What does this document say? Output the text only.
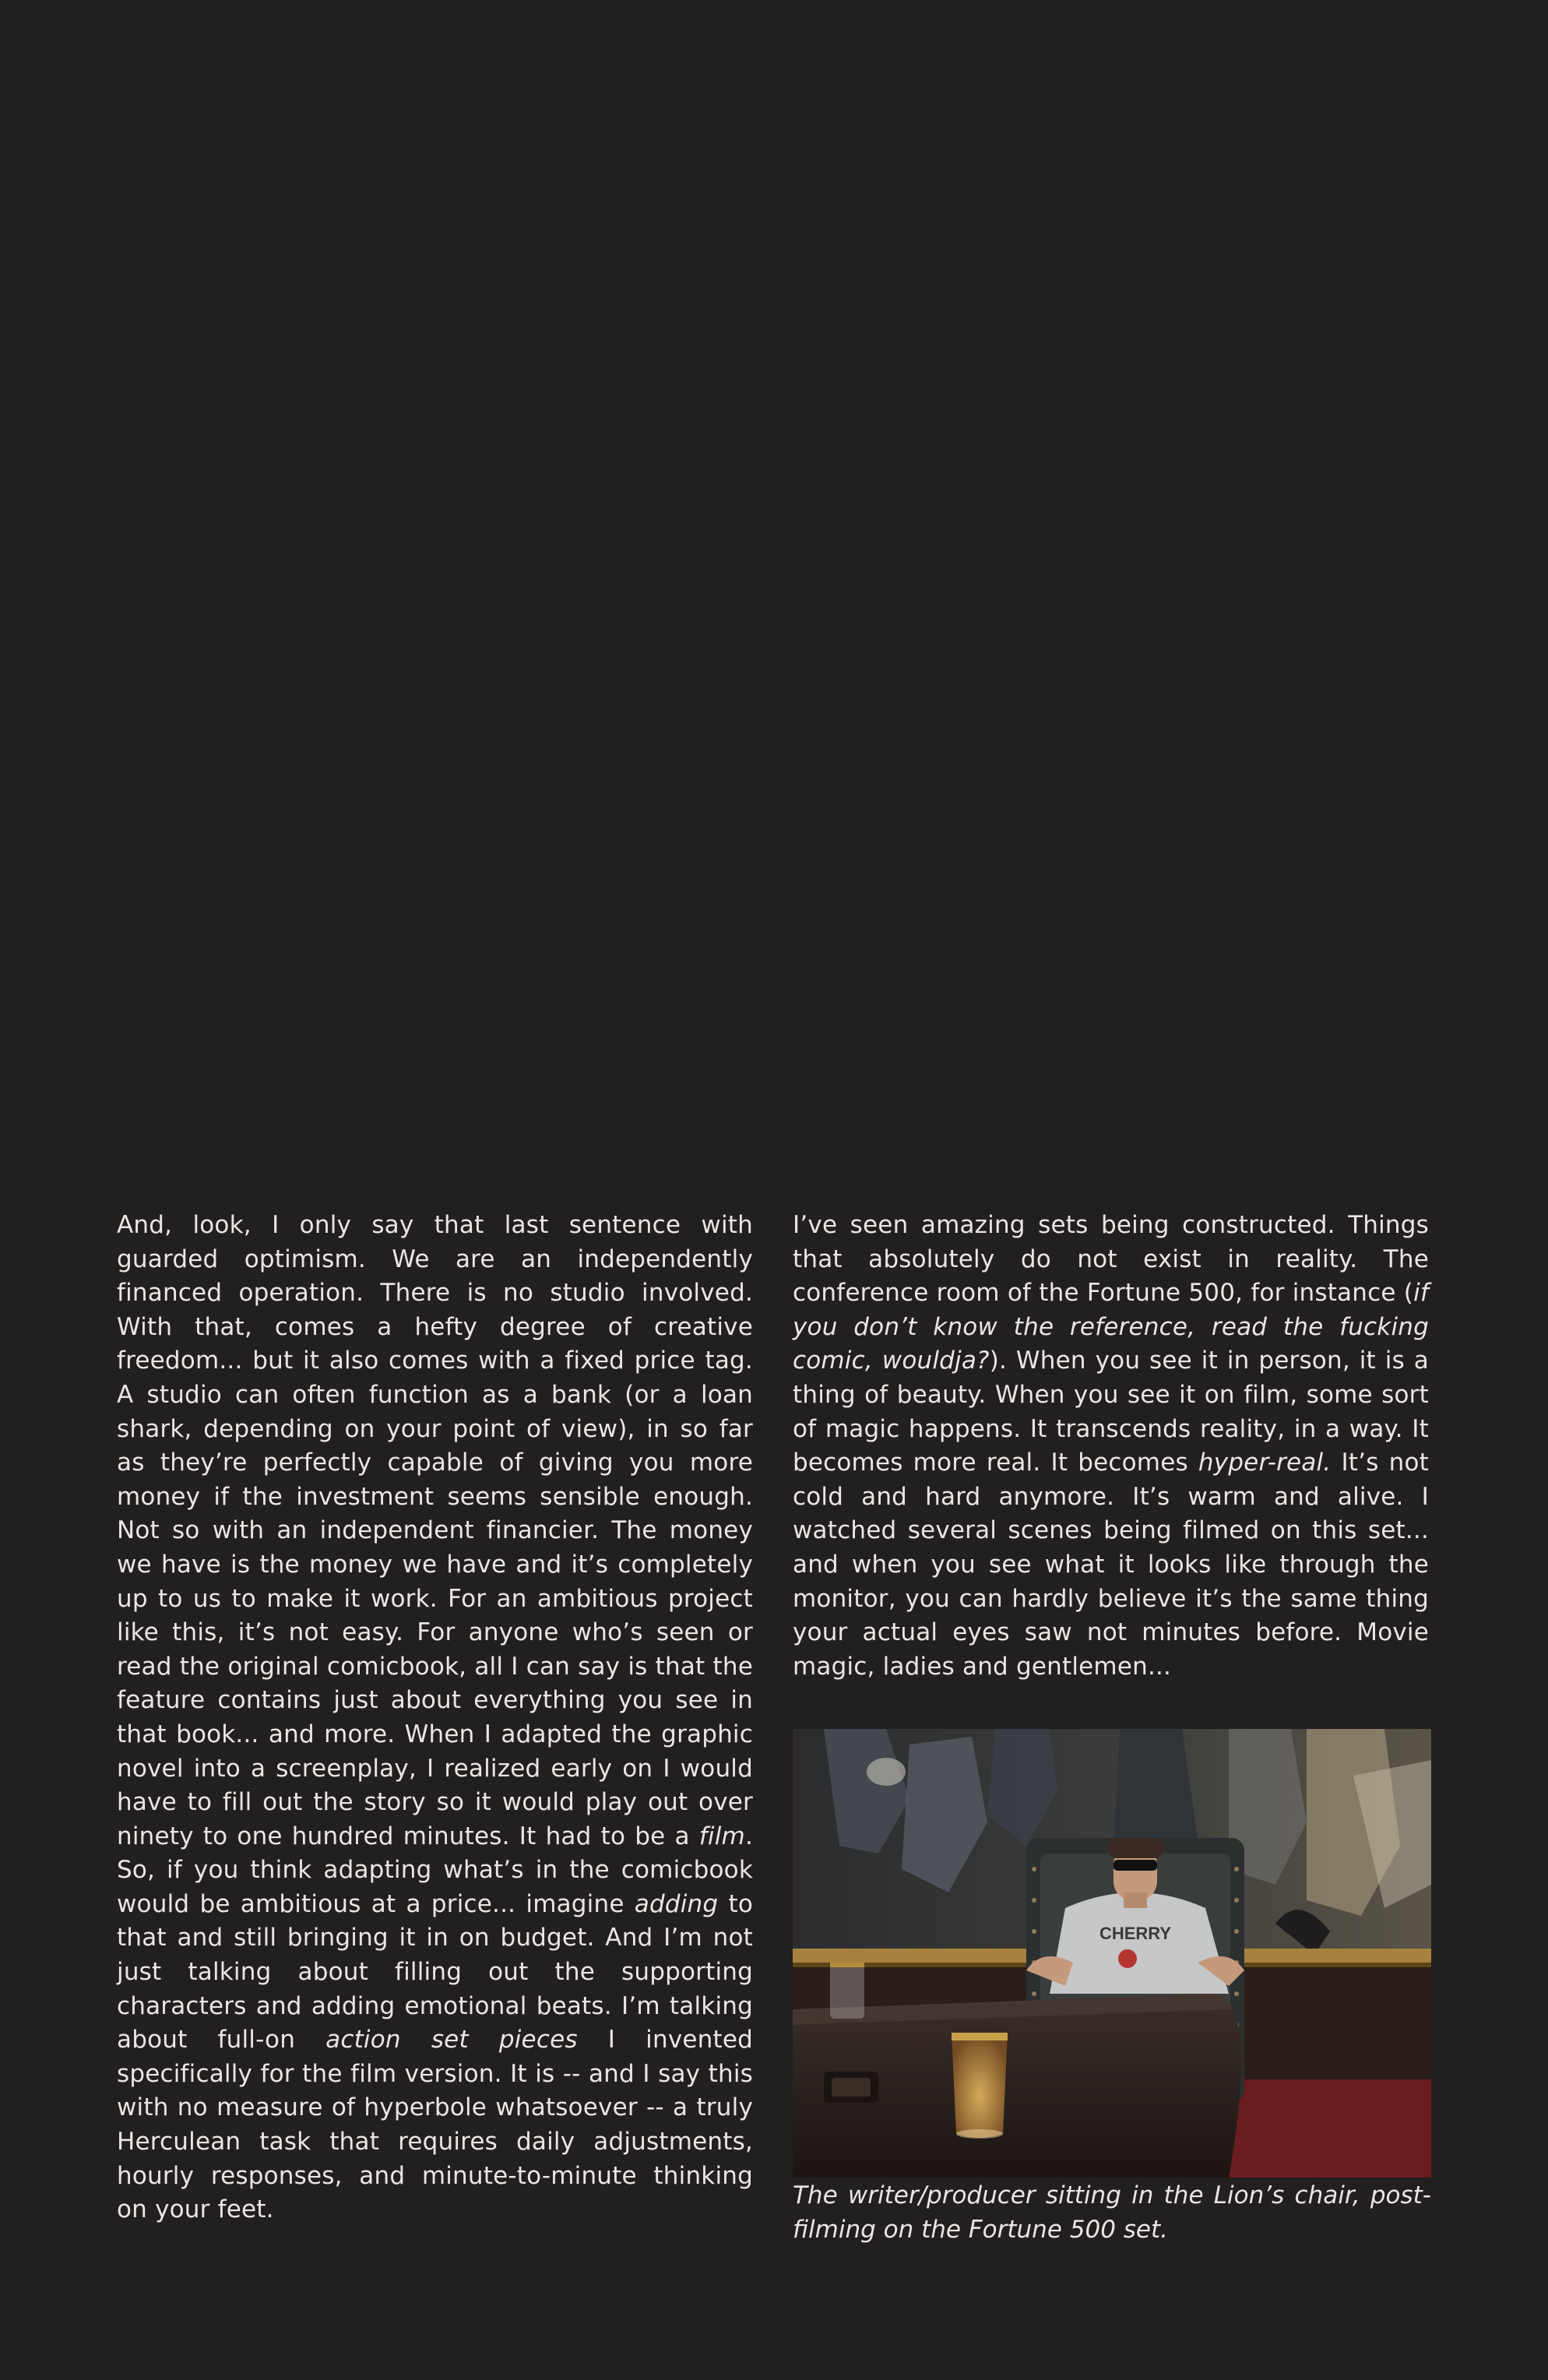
And, look, I only say that last sentence with guarded optimism. We are an independently financed operation. There is no studio involved. With that, comes a hefty degree of creative freedom... but it also comes with a fixed price tag. A studio can often function as a bank (or a loan shark, depending on your point of view), in so far as they’re perfectly capable of giving you more money if the investment seems sensible enough. Not so with an independent financier. The money we have is the money we have and it’s completely up to us to make it work. For an ambitious project like this, it’s not easy. For anyone who’s seen or read the original comicbook, all I can say is that the feature contains just about everything you see in that book... and more. When I adapted the graphic novel into a screenplay, I realized early on I would have to fill out the story so it would play out over ninety to one hundred minutes. It had to be a film. So, if you think adapting what’s in the comicbook would be ambitious at a price... imagine adding to that and still bringing it in on budget. And I’m not just talking about filling out the supporting characters and adding emotional beats. I’m talking about full-on action set pieces I invented specifically for the film version. It is -- and I say this with no measure of hyperbole whatsoever -- a truly Herculean task that requires daily adjustments, hourly responses, and minute-to-minute thinking on your feet.

I’ve seen amazing sets being constructed. Things that absolutely do not exist in reality. The conference room of the Fortune 500, for instance (if you don’t know the reference, read the fucking comic, wouldja?). When you see it in person, it is a thing of beauty. When you see it on film, some sort of magic happens. It transcends reality, in a way. It becomes more real. It becomes hyper-real. It’s not cold and hard anymore. It’s warm and alive. I watched several scenes being filmed on this set... and when you see what it looks like through the monitor, you can hardly believe it’s the same thing your actual eyes saw not minutes before. Movie magic, ladies and gentlemen...

CHERRY
The writer/producer sitting in the Lion’s chair, post-filming on the Fortune 500 set.
